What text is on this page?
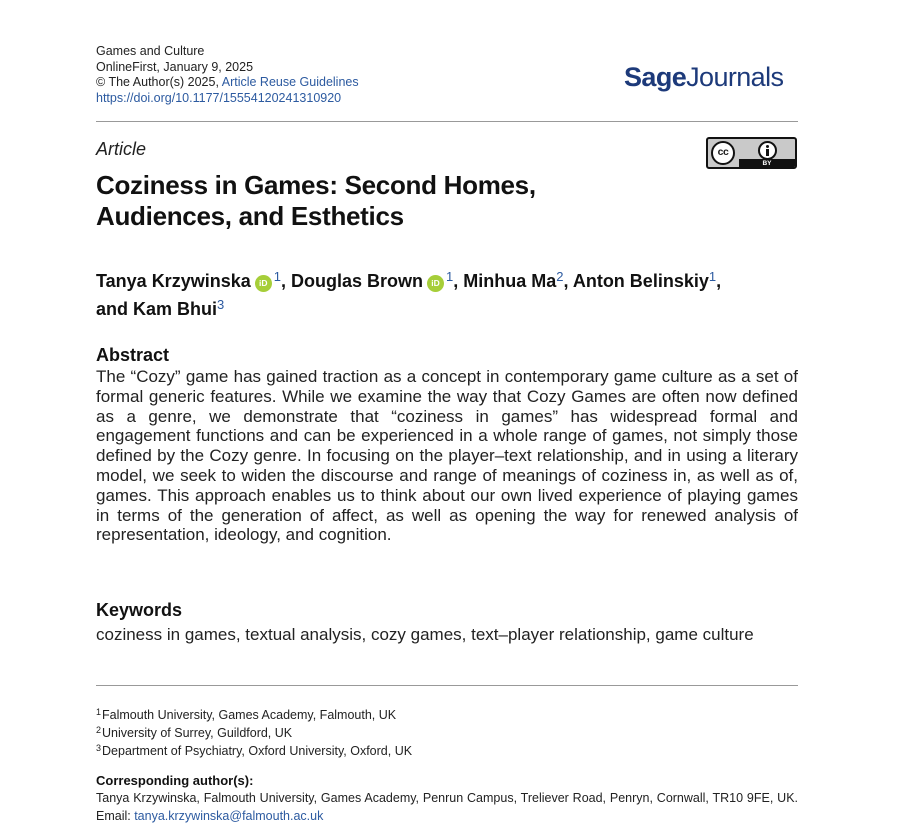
Games and Culture
OnlineFirst, January 9, 2025
© The Author(s) 2025, Article Reuse Guidelines
https://doi.org/10.1177/15554120241310920
SageJournals
Article	cc
BY
Coziness in Games: Second Homes,
Audiences, and Esthetics
Tanya Krzywinska iD $^1$, Douglas Brown iD $^1$, Minhua Ma$^2$, Anton Belinskiy$^1$,
and Kam Bhui$^3$
Abstract
The “Cozy” game has gained traction as a concept in contemporary game culture as a set of formal generic features. While we examine the way that Cozy Games are often now defined as a genre, we demonstrate that “coziness in games” has widespread formal and engagement functions and can be experienced in a whole range of games, not simply those defined by the Cozy genre. In focusing on the player–text relationship, and in using a literary model, we seek to widen the discourse and range of meanings of coziness in, as well as of, games. This approach enables us to think about our own lived experience of playing games in terms of the generation of affect, as well as opening the way for renewed analysis of representation, ideology, and cognition.
Keywords
coziness in games, textual analysis, cozy games, text–player relationship, game culture
$^1$Falmouth University, Games Academy, Falmouth, UK
$^2$University of Surrey, Guildford, UK
$^3$Department of Psychiatry, Oxford University, Oxford, UK
Corresponding author(s):
Tanya Krzywinska, Falmouth University, Games Academy, Penrun Campus, Treliever Road, Penryn, Cornwall, TR10 9FE, UK. Email: tanya.krzywinska@falmouth.ac.uk
